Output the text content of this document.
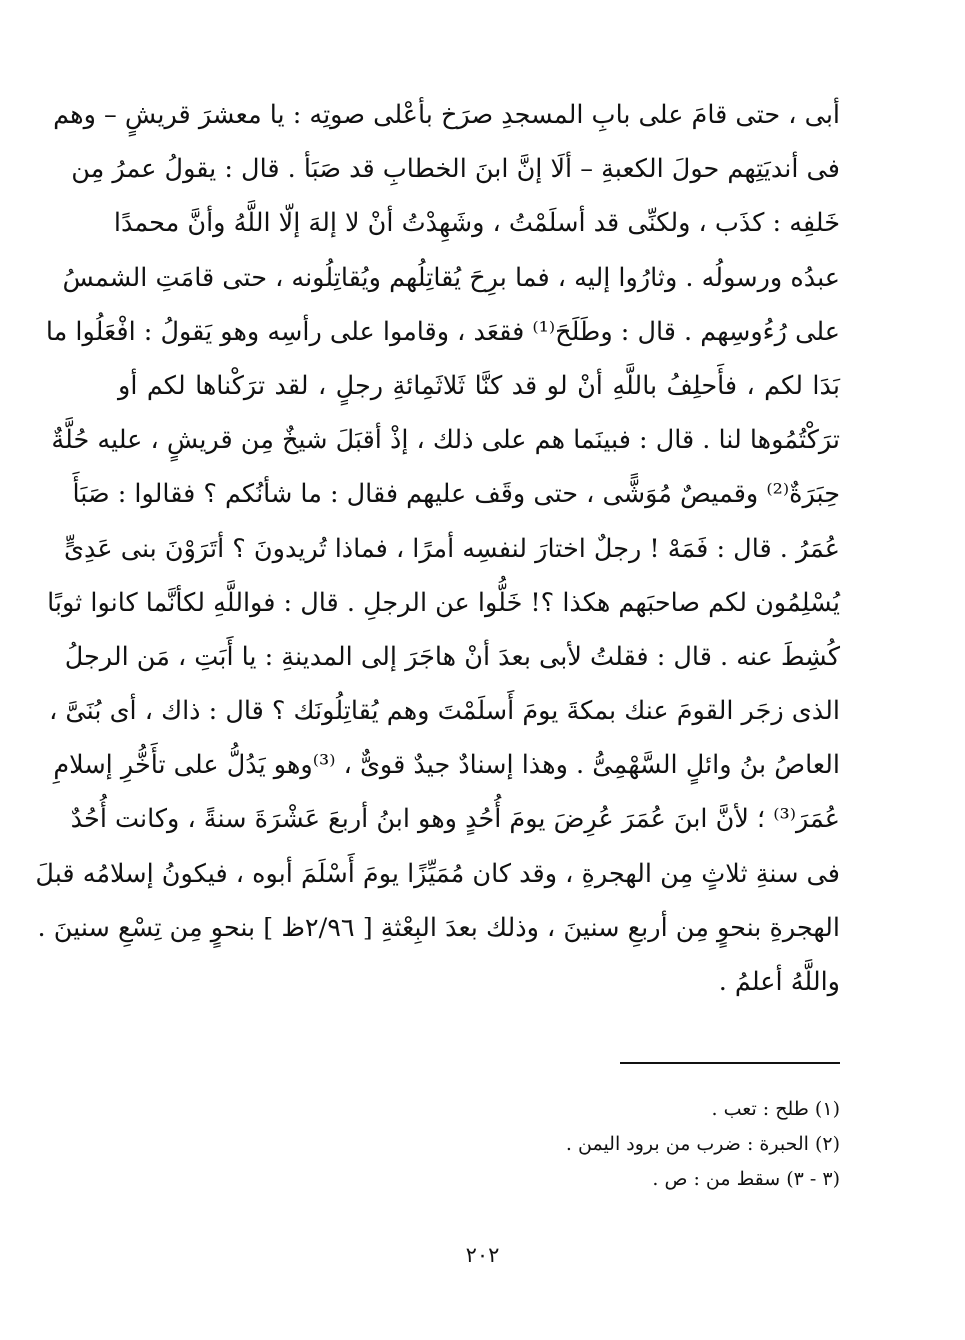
أبى ، حتى قامَ على بابِ المسجدِ صرَخ بأعْلى صوتِه : يا معشرَ قريشٍ – وهم
فى أنديَتِهم حولَ الكعبةِ – ألَا إنَّ ابنَ الخطابِ قد صَبَأ . قال : يقولُ عمرُ مِن
خَلفِه : كذَب ، ولكنِّى قد أسلَمْتُ ، وشَهِدْتُ أنْ لا إلهَ إلّا اللَّهُ وأنَّ محمدًا
عبدُه ورسولُه . وثارُوا إليه ، فما برِحَ يُقاتِلُهم ويُقاتِلُونه ، حتى قامَتِ الشمسُ
على رُءُوسِهم . قال : وطَلَحَ⁽¹⁾ فقعَد ، وقاموا على رأسِه وهو يَقولُ : افْعَلُوا ما
بَدَا لكم ، فأَحلِفُ باللَّهِ أنْ لو قد كنَّا ثَلاثَمِائةِ رجلٍ ، لقد ترَكْناها لكم أو
ترَكْتُمُوها لنا . قال : فبينَما هم على ذلك ، إذْ أقبَلَ شيخٌ مِن قريشٍ ، عليه حُلَّةٌ
حِبَرَةٌ⁽²⁾ وقميصٌ مُوَشًّى ، حتى وقَف عليهم فقال : ما شأنُكم ؟ فقالوا : صَبَأَ
عُمَرُ . قال : فَمَهْ ! رجلٌ اختارَ لنفسِه أمرًا ، فماذا تُريدونَ ؟ أتَرَوْنَ بنى عَدِىٍّ
يُسْلِمُون لكم صاحبَهم هكذا ؟! خَلُّوا عن الرجلِ . قال : فواللَّهِ لكأنَّما كانوا ثوبًا
كُشِطَ عنه . قال : فقلتُ لأبى بعدَ أنْ هاجَرَ إلى المدينةِ : يا أَبَتِ ، مَن الرجلُ
الذى زجَر القومَ عنك بمكةَ يومَ أَسلَمْتَ وهم يُقاتِلُونَك ؟ قال : ذاك ، أى بُنَىَّ ،
العاصُ بنُ وائلٍ السَّهْمِىُّ . وهذا إسنادٌ جيدٌ قوىٌّ ، ⁽³⁾وهو يَدُلُّ على تأَخُّرِ إسلامِ
عُمَرَ⁽³⁾ ؛ لأنَّ ابنَ عُمَرَ عُرِضَ يومَ أُحُدٍ وهو ابنُ أربعَ عَشْرَةَ سنةً ، وكانت أُحُدٌ
فى سنةِ ثلاثٍ مِن الهجرةِ ، وقد كان مُمَيِّزًا يومَ أَسْلَمَ أبوه ، فيكونُ إسلامُه قبلَ
الهجرةِ بنحوٍ مِن أربعِ سنينَ ، وذلك بعدَ البِعْثةِ [ ٢/٩٦ظ ] بنحوٍ مِن تِسْعِ سنينَ .
واللَّهُ أعلمُ .
(١) طلح : تعب .
(٢) الحبرة : ضرب من برود اليمن .
(٣ - ٣) سقط من : ص .
٢٠٢
